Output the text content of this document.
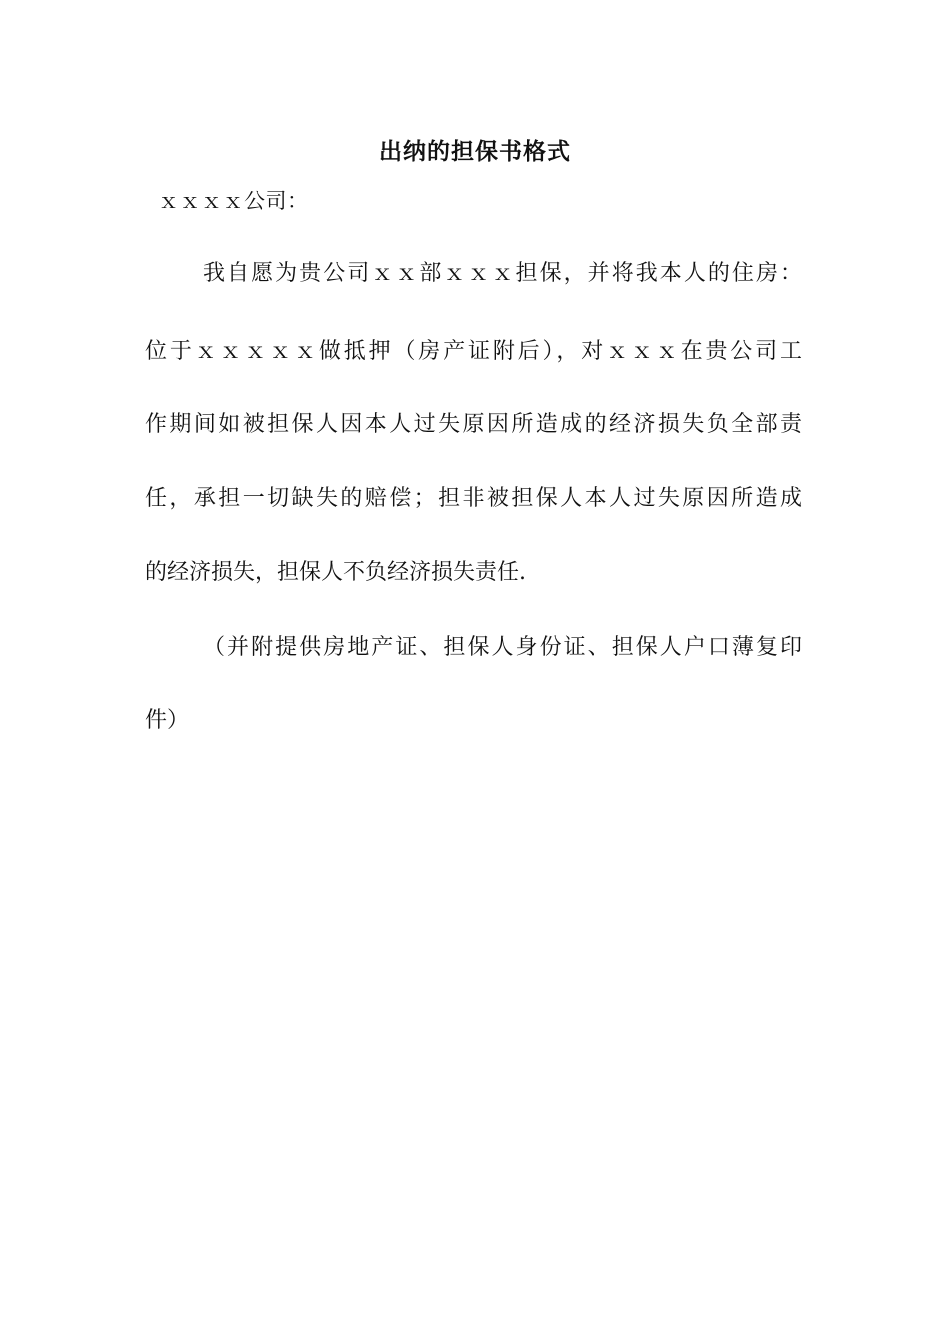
出纳的担保书格式
ｘｘｘｘ公司：
我自愿为贵公司ｘｘ部ｘｘｘ担保，并将我本人的住房：
位于ｘｘｘｘｘ做抵押（房产证附后），对ｘｘｘ在贵公司工
作期间如被担保人因本人过失原因所造成的经济损失负全部责
任，承担一切缺失的赔偿；担非被担保人本人过失原因所造成
的经济损失，担保人不负经济损失责任.
（并附提供房地产证、担保人身份证、担保人户口薄复印
件）
